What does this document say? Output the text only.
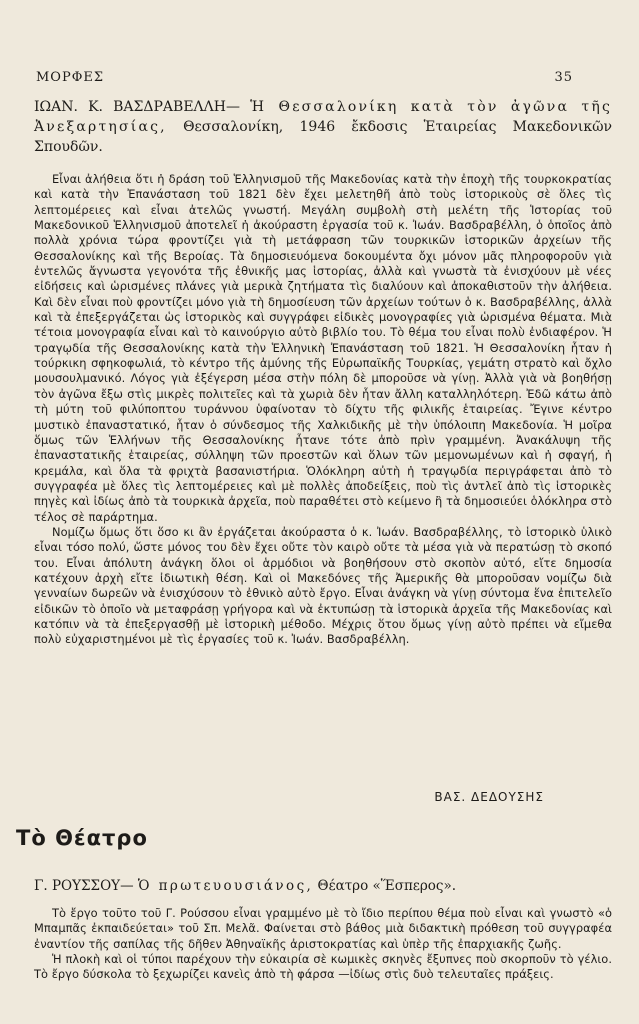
ΜΟΡΦΕΣ	35
ΙΩΑΝ. Κ. ΒΑΣΔΡΑΒΕΛΛΗ— Ἡ Θεσσαλονίκη κατὰ τὸν ἀγῶνα τῆς Ἀνεξαρτησίας, Θεσσαλονίκη, 1946 ἔκδοσις Ἑταιρείας Μακεδονικῶν Σπουδῶν.

Εἶναι ἀλήθεια ὅτι ἡ δράση τοῦ Ἑλληνισμοῦ τῆς Μακεδονίας κατὰ τὴν ἐποχὴ τῆς τουρκοκρατίας καὶ κατὰ τὴν Ἐπανάσταση τοῦ 1821 δὲν ἔχει μελετηθῆ ἀπὸ τοὺς ἱστορικοὺς σὲ ὅλες τὶς λεπτομέρειες καὶ εἶναι ἀτελῶς γνωστή. Μεγάλη συμβολὴ στὴ μελέτη τῆς Ἱστορίας τοῦ Μακεδονικοῦ Ἑλληνισμοῦ ἀποτελεῖ ἡ ἀκούραστη ἐργασία τοῦ κ. Ἰωάν. Βασδραβέλλη, ὁ ὁποῖος ἀπὸ πολλὰ χρόνια τώρα φροντίζει γιὰ τὴ μετάφραση τῶν τουρκικῶν ἱστορικῶν ἀρχείων τῆς Θεσσαλονίκης καὶ τῆς Βεροίας. Τὰ δημοσιευόμενα δοκουμέντα ὄχι μόνον μᾶς πληροφοροῦν γιὰ ἐντελῶς ἄγνωστα γεγονότα τῆς ἐθνικῆς μας ἱστορίας, ἀλλὰ καὶ γνωστὰ τὰ ἐνισχύουν μὲ νέες εἰδήσεις καὶ ὡρισμένες πλάνες γιὰ μερικὰ ζητήματα τὶς διαλύουν καὶ ἀποκαθιστοῦν τὴν ἀλήθεια. Καὶ δὲν εἶναι ποὺ φροντίζει μόνο γιὰ τὴ δημοσίευση τῶν ἀρχείων τούτων ὁ κ. Βασδραβέλλης, ἀλλὰ καὶ τὰ ἐπεξεργάζεται ὡς ἱστορικὸς καὶ συγγράφει εἰδικὲς μονογραφίες γιὰ ὡρισμένα θέματα. Μιὰ τέτοια μονογραφία εἶναι καὶ τὸ καινούργιο αὐτὸ βιβλίο του. Τὸ θέμα του εἶναι πολὺ ἐνδιαφέρον. Ἡ τραγῳδία τῆς Θεσσαλονίκης κατὰ τὴν Ἑλληνικὴ Ἐπανάσταση τοῦ 1821. Ἡ Θεσσαλονίκη ἦταν ἡ τούρκικη σφηκοφωλιά, τὸ κέντρο τῆς ἀμύνης τῆς Εὐρωπαϊκῆς Τουρκίας, γεμάτη στρατὸ καὶ ὄχλο μουσουλμανικό. Λόγος γιὰ ἐξέγερση μέσα στὴν πόλη δὲ μποροῦσε νὰ γίνῃ. Ἀλλὰ γιὰ νὰ βοηθήσῃ τὸν ἀγῶνα ἔξω στὶς μικρὲς πολιτεῖες καὶ τὰ χωριὰ δὲν ἦταν ἄλλη καταλληλότερη. Ἐδῶ κάτω ἀπὸ τὴ μύτη τοῦ φιλύποπτου τυράννου ὑφαίνοταν τὸ δίχτυ τῆς φιλικῆς ἑταιρείας. Ἔγινε κέντρο μυστικὸ ἐπαναστατικό, ἦταν ὁ σύνδεσμος τῆς Χαλκιδικῆς μὲ τὴν ὑπόλοιπη Μακεδονία. Ἡ μοῖρα ὅμως τῶν Ἑλλήνων τῆς Θεσσαλονίκης ἦτανε τότε ἀπὸ πρὶν γραμμένη. Ἀνακάλυψη τῆς ἐπαναστατικῆς ἑταιρείας, σύλληψη τῶν προεστῶν καὶ ὅλων τῶν μεμονωμένων καὶ ἡ σφαγή, ἡ κρεμάλα, καὶ ὅλα τὰ φριχτὰ βασανιστήρια. Ὁλόκληρη αὐτὴ ἡ τραγῳδία περιγράφεται ἀπὸ τὸ συγγραφέα μὲ ὅλες τὶς λεπτομέρειες καὶ μὲ πολλὲς ἀποδείξεις, ποὺ τὶς ἀντλεῖ ἀπὸ τὶς ἱστορικὲς πηγὲς καὶ ἰδίως ἀπὸ τὰ τουρκικὰ ἀρχεῖα, ποὺ παραθέτει στὸ κείμενο ἢ τὰ δημοσιεύει ὁλόκληρα στὸ τέλος σὲ παράρτημα.

Νομίζω ὅμως ὅτι ὅσο κι ἂν ἐργάζεται ἀκούραστα ὁ κ. Ἰωάν. Βασδραβέλλης, τὸ ἱστορικὸ ὑλικὸ εἶναι τόσο πολύ, ὥστε μόνος του δὲν ἔχει οὔτε τὸν καιρὸ οὔτε τὰ μέσα γιὰ νὰ περατώσῃ τὸ σκοπό του. Εἶναι ἀπόλυτη ἀνάγκη ὅλοι οἱ ἁρμόδιοι νὰ βοηθήσουν στὸ σκοπὸν αὐτό, εἴτε δημοσία κατέχουν ἀρχὴ εἴτε ἰδιωτικὴ θέση. Καὶ οἱ Μακεδόνες τῆς Ἀμερικῆς θὰ μποροῦσαν νομίζω διὰ γενναίων δωρεῶν νὰ ἐνισχύσουν τὸ ἐθνικὸ αὐτὸ ἔργο. Εἶναι ἀνάγκη νὰ γίνῃ σύντομα ἕνα ἐπιτελεῖο εἰδικῶν τὸ ὁποῖο νὰ μεταφράσῃ γρήγορα καὶ νὰ ἐκτυπώσῃ τὰ ἱστορικὰ ἀρχεῖα τῆς Μακεδονίας καὶ κατόπιν νὰ τὰ ἐπεξεργασθῇ μὲ ἱστορικὴ μέθοδο. Μέχρις ὅτου ὅμως γίνῃ αὐτὸ πρέπει νὰ εἴμεθα πολὺ εὐχαριστημένοι μὲ τὶς ἐργασίες τοῦ κ. Ἰωάν. Βασδραβέλλη.

ΒΑΣ. ΔΕΔΟΥΣΗΣ
Τὸ Θέατρο
Γ. ΡΟΥΣΣΟΥ— Ὁ πρωτευουσιάνος, Θέατρο «Ἕσπερος».

Τὸ ἔργο τοῦτο τοῦ Γ. Ρούσσου εἶναι γραμμένο μὲ τὸ ἴδιο περίπου θέμα ποὺ εἶναι καὶ γνωστὸ «ὁ Μπαμπᾶς ἐκπαιδεύεται» τοῦ Σπ. Μελᾶ. Φαίνεται στὸ βάθος μιὰ διδακτικὴ πρόθεση τοῦ συγγραφέα ἐναντίον τῆς σαπίλας τῆς δῆθεν Ἀθηναϊκῆς ἀριστοκρατίας καὶ ὑπὲρ τῆς ἐπαρχιακῆς ζωῆς.

Ἡ πλοκὴ καὶ οἱ τύποι παρέχουν τὴν εὐκαιρία σὲ κωμικὲς σκηνὲς ἔξυπνες ποὺ σκορποῦν τὸ γέλιο. Τὸ ἔργο δύσκολα τὸ ξεχωρίζει κανεὶς ἀπὸ τὴ φάρσα —ἰδίως στὶς δυὸ τελευταῖες πράξεις.
